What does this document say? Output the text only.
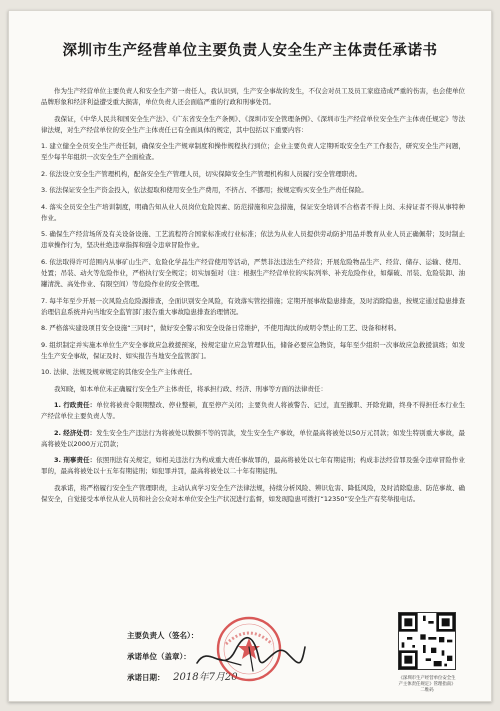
深圳市生产经营单位主要负责人安全生产主体责任承诺书

作为生产经营单位主要负责人和安全生产第一责任人，我认识到，生产安全事故的发生，不仅会对员工及员工家庭造成严重的伤害，也会使单位品牌形象和经济利益遭受重大损害，单位负责人还会面临严重的行政和刑事处罚。

我保证，《中华人民共和国安全生产法》、《广东省安全生产条例》、《深圳市安全管理条例》、《深圳市生产经营单位安全生产主体责任规定》等法律法规，对生产经营单位的安全生产主体责任已有全面具体的规定，其中包括以下重要内容：

1. 建立健全全员安全生产责任制，确保安全生产规章制度和操作规程执行到位；企业主要负责人定期听取安全生产工作报告，研究安全生产问题，至少每半年组织一次安全生产全面检查。

2. 依法设立安全生产管理机构，配备安全生产管理人员，切实保障安全生产管理机构和人员履行安全管理职责。

3. 依法保证安全生产资金投入，依法提取和使用安全生产费用，不挤占、不挪用；按规定购买安全生产责任保险。

4. 落实全员安全生产培训制度，明确告知从业人员岗位危险因素、防范措施和应急措施，保证安全培训不合格者不得上岗、未持证者不得从事特种作业。

5. 确保生产经营场所及有关设备设施、工艺流程符合国家标准或行业标准；依法为从业人员提供劳动防护用品并教育从业人员正确佩带；及时制止违章操作行为，坚决杜绝违章指挥和强令违章冒险作业。

6. 依法取得许可范围内从事矿山生产、危险化学品生产经营使用等活动，严禁非法违法生产经营；开展危险物品生产、经营、储存、运输、使用、处置；吊装、动火等危险作业，严格执行安全规定；切实加强对（注：根据生产经营单位的实际列举、补充危险作业，如爆破、吊装、危险装卸、油罐清洗、高处作业、有限空间）等危险作业的安全管理。

7. 每半年至少开展一次风险点危险源排查，全面识别安全风险，有效落实管控措施；定期开展事故隐患排查，及时消除隐患，按规定通过隐患排查治理信息系统并向当地安全监管部门报告重大事故隐患排查治理情况。

8. 严格落实建设项目安全设施“三同时”，做好安全警示和安全设备日常维护，不使用淘汰的或明令禁止的工艺、设备和材料。

9. 组织制定并实施本单位生产安全事故应急救援预案，按规定建立应急管理队伍，储备必要应急物资，每年至少组织一次事故应急救援演练；如发生生产安全事故，保证及时、如实报告当地安全监管部门。

10. 法律、法规及规章规定的其他安全生产主体责任。

我知晓，如本单位未正确履行安全生产主体责任，将承担行政、经济、刑事等方面的法律责任：

1. 行政责任：单位将被责令限期整改、停业整顿，直至停产关闭；主要负责人将被警告、记过，直至撤职、开除党籍，终身不得担任本行业生产经营单位主要负责人等。

2. 经济处罚：发生安全生产违法行为将被处以数额不等的罚款，发生安全生产事故，单位最高将被处以50万元罚款；如发生特别重大事故，最高将被处以2000万元罚款；

3. 刑事责任：依照刑法有关规定，如相关违法行为构成重大责任事故罪的，最高将被处以七年有期徒刑；构成非法经营罪及强令违章冒险作业罪的，最高将被处以十五年有期徒刑；如犯罪并罚，最高将被处以二十年有期徒刑。

我承诺，将严格履行安全生产管理职责，主动认真学习安全生产法律法规，持续分析风险、辨识危害、降低风险，及时消除隐患、防范事故、确保安全，自觉接受本单位从业人员和社会公众对本单位安全生产状况进行监督，如发现隐患可拨打“12350”安全生产有奖举报电话。

主要负责人（签名）：
承诺单位（盖章）：
承诺日期： 2018年7月20	《深圳市生产经营单位安全生产主体责任规定》管理指南》二维码
